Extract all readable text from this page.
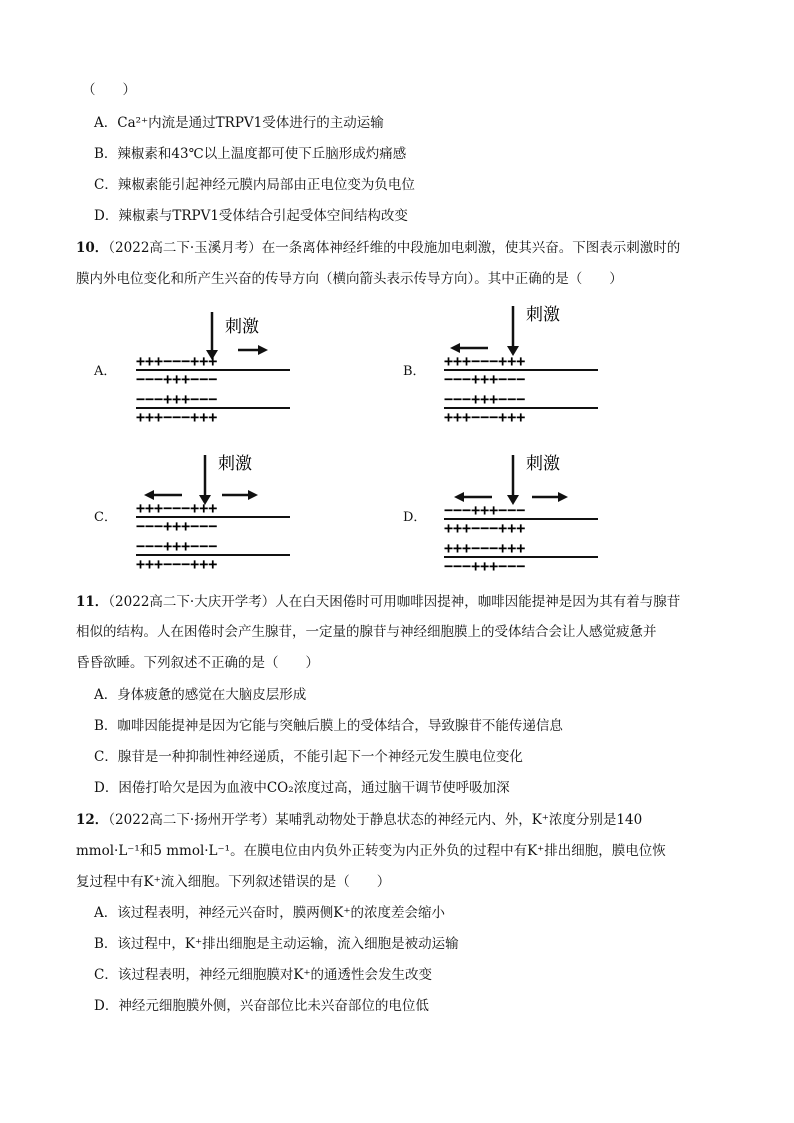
（　　）
A．Ca²⁺内流是通过TRPV1受体进行的主动运输
B．辣椒素和43℃以上温度都可使下丘脑形成灼痛感
C．辣椒素能引起神经元膜内局部由正电位变为负电位
D．辣椒素与TRPV1受体结合引起受体空间结构改变
10．（2022高二下·玉溪月考）在一条离体神经纤维的中段施加电刺激，使其兴奋。下图表示刺激时的
膜内外电位变化和所产生兴奋的传导方向（横向箭头表示传导方向）。其中正确的是（　　）
A．
刺激
+++−−−+++
−−−+++−−−
−−−+++−−−
+++−−−+++
B．
刺激
+++−−−+++
−−−+++−−−
−−−+++−−−
+++−−−+++
C．
刺激
+++−−−+++
−−−+++−−−
−−−+++−−−
+++−−−+++
D．
刺激
−−−+++−−−
+++−−−+++
+++−−−+++
−−−+++−−−
11．（2022高二下·大庆开学考）人在白天困倦时可用咖啡因提神，咖啡因能提神是因为其有着与腺苷
相似的结构。人在困倦时会产生腺苷，一定量的腺苷与神经细胞膜上的受体结合会让人感觉疲惫并
昏昏欲睡。下列叙述不正确的是（　　）
A．身体疲惫的感觉在大脑皮层形成
B．咖啡因能提神是因为它能与突触后膜上的受体结合，导致腺苷不能传递信息
C．腺苷是一种抑制性神经递质，不能引起下一个神经元发生膜电位变化
D．困倦打哈欠是因为血液中CO₂浓度过高，通过脑干调节使呼吸加深
12．（2022高二下·扬州开学考）某哺乳动物处于静息状态的神经元内、外，K⁺浓度分别是140
mmol·L⁻¹和5 mmol·L⁻¹。在膜电位由内负外正转变为内正外负的过程中有K⁺排出细胞，膜电位恢
复过程中有K⁺流入细胞。下列叙述错误的是（　　）
A．该过程表明，神经元兴奋时，膜两侧K⁺的浓度差会缩小
B．该过程中，K⁺排出细胞是主动运输，流入细胞是被动运输
C．该过程表明，神经元细胞膜对K⁺的通透性会发生改变
D．神经元细胞膜外侧，兴奋部位比未兴奋部位的电位低
